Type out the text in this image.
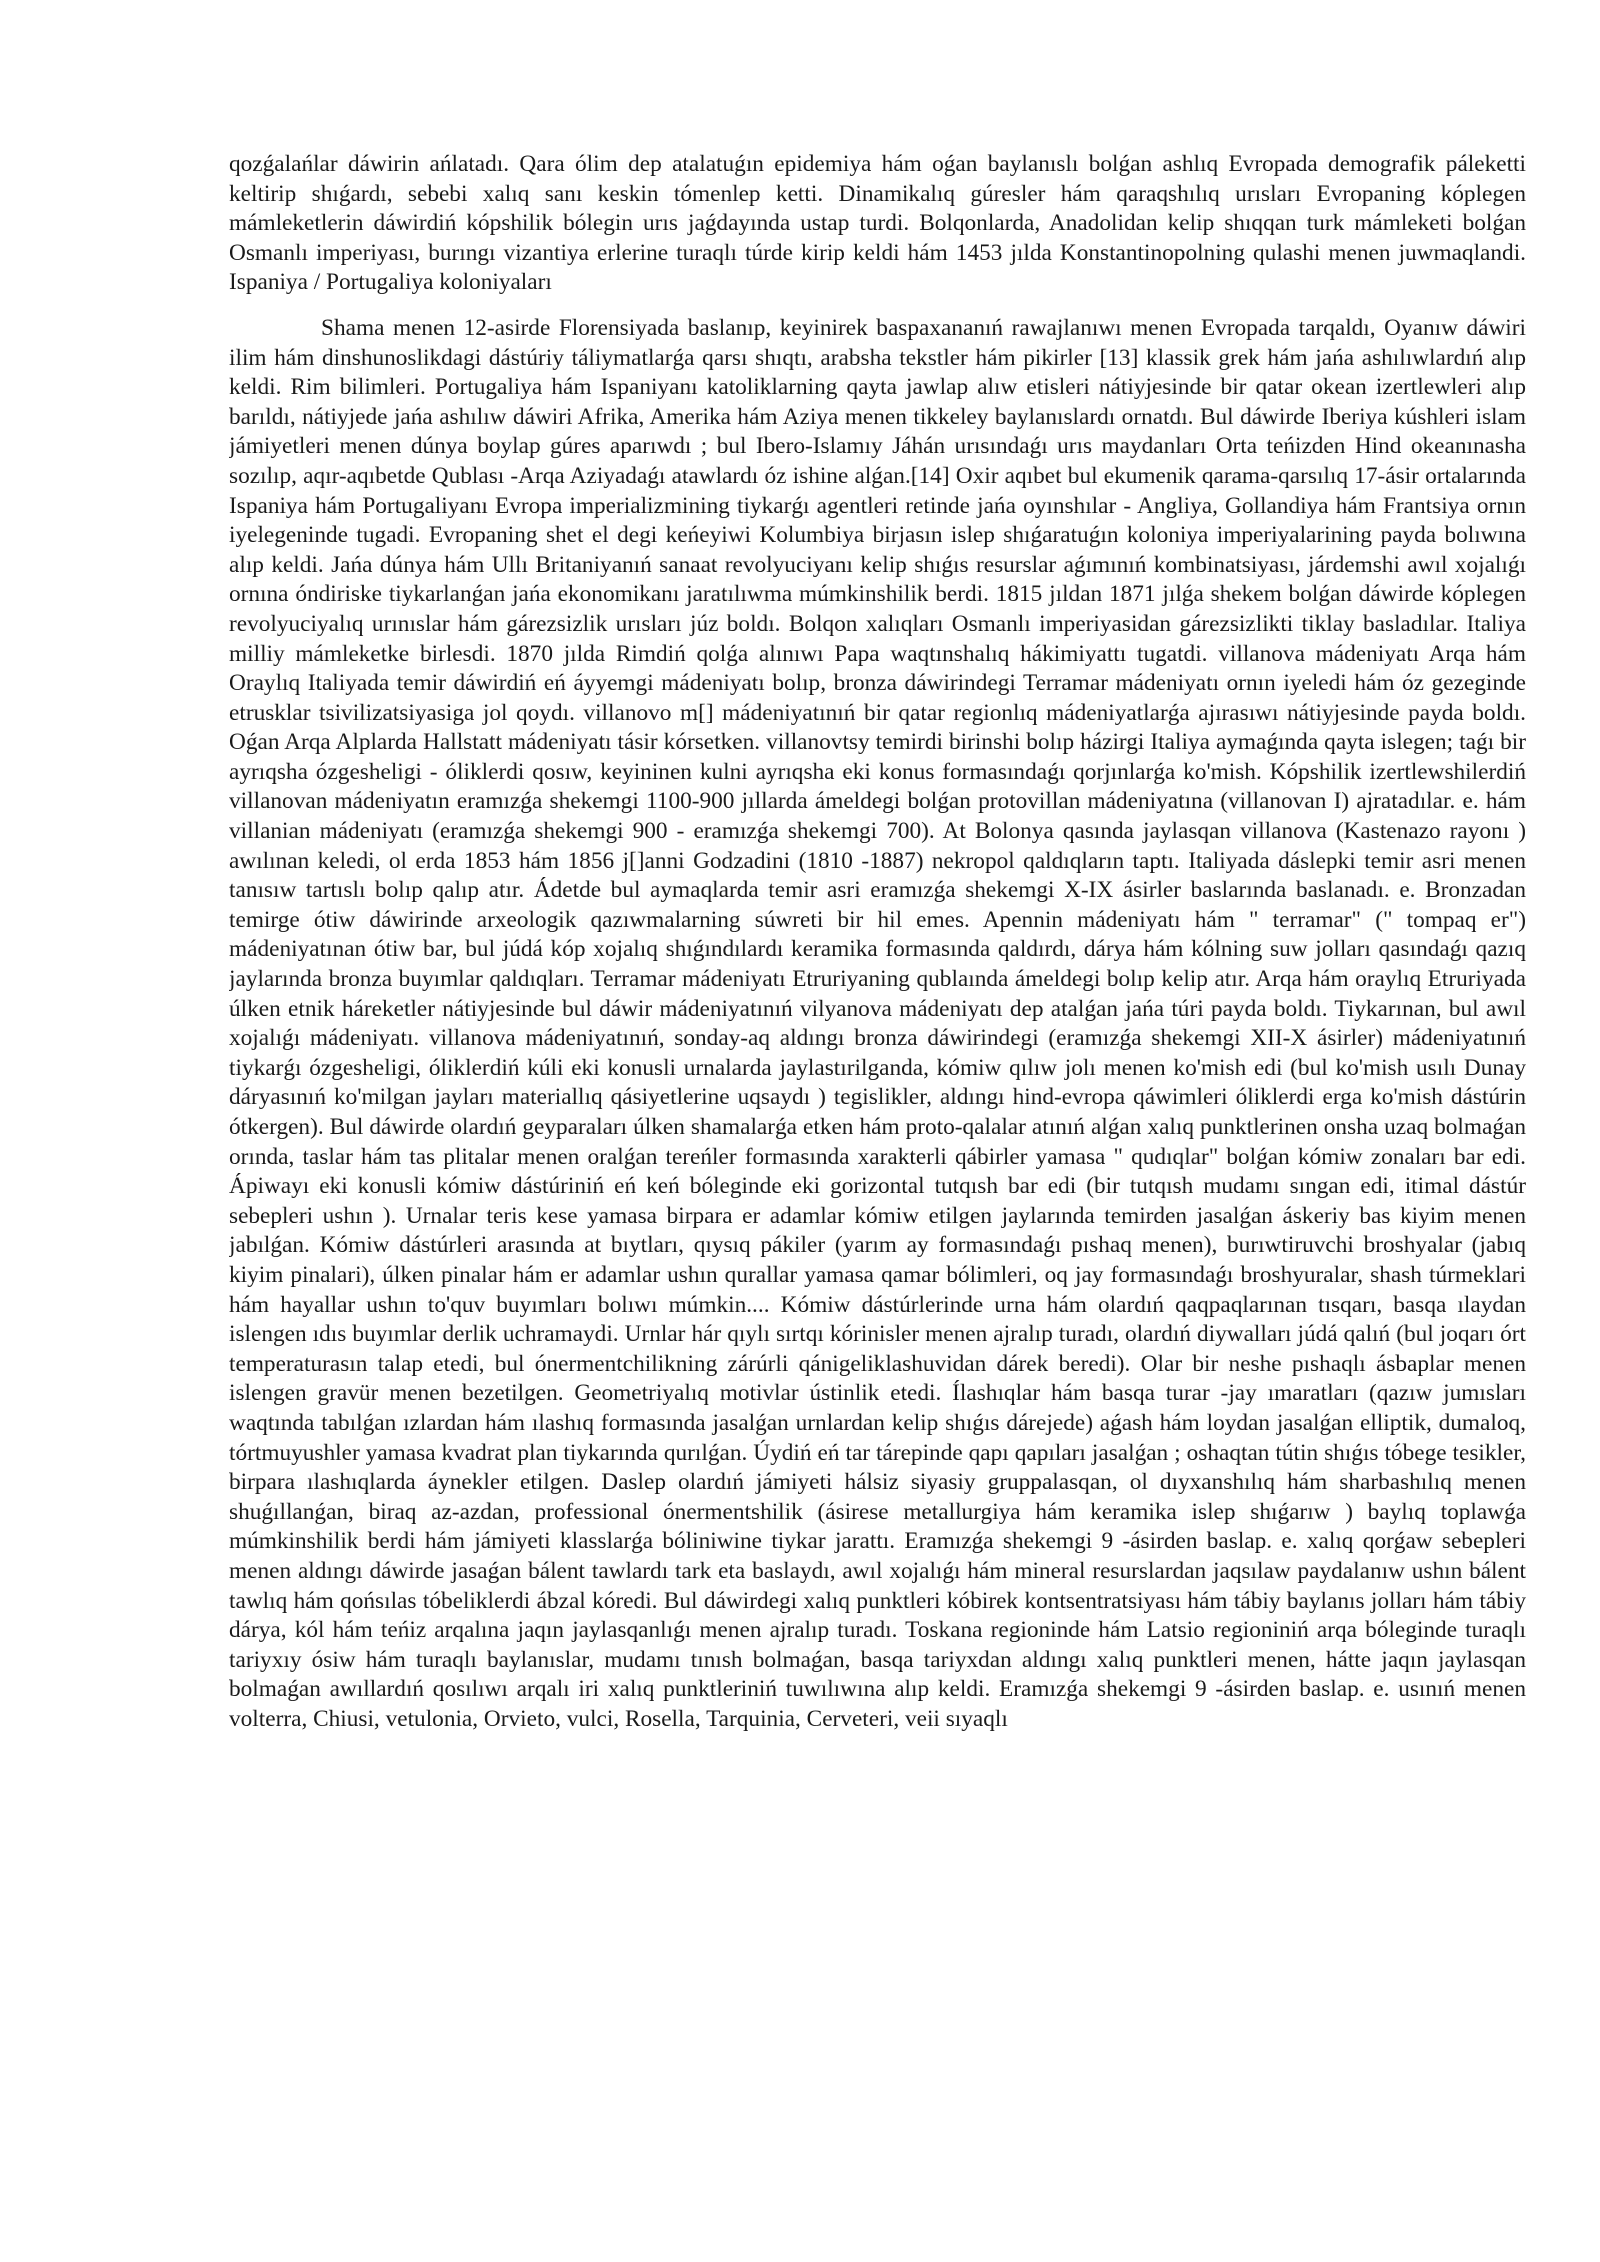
qozǵalańlar dáwirin ańlatadı. Qara ólim dep atalatuǵın epidemiya hám oǵan baylanıslı bolǵan ashlıq Evropada demografik páleketti keltirip shıǵardı, sebebi xalıq sanı keskin tómenlep ketti. Dinamikalıq gúresler hám qaraqshılıq urısları Evropaning kóplegen mámleketlerin dáwirdiń kópshilik bólegin urıs jaǵdayında ustap turdi. Bolqonlarda, Anadolidan kelip shıqqan turk mámleketi bolǵan Osmanlı imperiyası, burıngı vizantiya erlerine turaqlı túrde kirip keldi hám 1453 jılda Konstantinopolning qulashi menen juwmaqlandi. Ispaniya / Portugaliya koloniyaları

Shama menen 12-asirde Florensiyada baslanıp, keyinirek baspaxananıń rawajlanıwı menen Evropada tarqaldı, Oyanıw dáwiri ilim hám dinshunoslikdagi dástúriy táliymatlarǵa qarsı shıqtı, arabsha tekstler hám pikirler [13] klassik grek hám jańa ashılıwlardıń alıp keldi. Rim bilimleri. Portugaliya hám Ispaniyanı katoliklarning qayta jawlap alıw etisleri nátiyjesinde bir qatar okean izertlewleri alıp barıldı, nátiyjede jańa ashılıw dáwiri Afrika, Amerika hám Aziya menen tikkeley baylanıslardı ornatdı. Bul dáwirde Iberiya kúshleri islam jámiyetleri menen dúnya boylap gúres aparıwdı ; bul Ibero-Islamıy Jáhán urısındaǵı urıs maydanları Orta teńizden Hind okeanınasha sozılıp, aqır-aqıbetde Qublası -Arqa Aziyadaǵı atawlardı óz ishine alǵan.[14] Oxir aqıbet bul ekumenik qarama-qarsılıq 17-ásir ortalarında Ispaniya hám Portugaliyanı Evropa imperializmining tiykarǵı agentleri retinde jańa oyınshılar - Angliya, Gollandiya hám Frantsiya ornın iyelegeninde tugadi. Evropaning shet el degi keńeyiwi Kolumbiya birjasın islep shıǵaratuǵın koloniya imperiyalarining payda bolıwına alıp keldi. Jańa dúnya hám Ullı Britaniyanıń sanaat revolyuciyanı kelip shıǵıs resurslar aǵımınıń kombinatsiyası, járdemshi awıl xojalıǵı ornına óndiriske tiykarlanǵan jańa ekonomikanı jaratılıwma múmkinshilik berdi. 1815 jıldan 1871 jılǵa shekem bolǵan dáwirde kóplegen revolyuciyalıq urınıslar hám gárezsizlik urısları júz boldı. Bolqon xalıqları Osmanlı imperiyasidan gárezsizlikti tiklay basladılar. Italiya milliy mámleketke birlesdi. 1870 jılda Rimdiń qolǵa alınıwı Papa waqtınshalıq hákimiyattı tugatdi. villanova mádeniyatı Arqa hám Oraylıq Italiyada temir dáwirdiń eń áyyemgi mádeniyatı bolıp, bronza dáwirindegi Terramar mádeniyatı ornın iyeledi hám óz gezeginde etrusklar tsivilizatsiyasiga jol qoydı. villanovo m[] mádeniyatınıń bir qatar regionlıq mádeniyatlarǵa ajırasıwı nátiyjesinde payda boldı. Oǵan Arqa Alplarda Hallstatt mádeniyatı tásir kórsetken. villanovtsy temirdi birinshi bolıp házirgi Italiya aymaǵında qayta islegen; taǵı bir ayrıqsha ózgesheligi - óliklerdi qosıw, keyininen kulni ayrıqsha eki konus formasındaǵı qorjınlarǵa ko'mish. Kópshilik izertlewshilerdiń villanovan mádeniyatın eramızǵa shekemgi 1100-900 jıllarda ámeldegi bolǵan protovillan mádeniyatına (villanovan I) ajratadılar. e. hám villanian mádeniyatı (eramızǵa shekemgi 900 - eramızǵa shekemgi 700). At Bolonya qasında jaylasqan villanova (Kastenazo rayonı ) awılınan keledi, ol erda 1853 hám 1856 j[]anni Godzadini (1810 -1887) nekropol qaldıqların taptı. Italiyada dáslepki temir asri menen tanısıw tartıslı bolıp qalıp atır. Ádetde bul aymaqlarda temir asri eramızǵa shekemgi X-IX ásirler baslarında baslanadı. e. Bronzadan temirge ótiw dáwirinde arxeologik qazıwmalarning súwreti bir hil emes. Apennin mádeniyatı hám " terramar" (" tompaq er") mádeniyatınan ótiw bar, bul júdá kóp xojalıq shıǵındılardı keramika formasında qaldırdı, dárya hám kólning suw jolları qasındaǵı qazıq jaylarında bronza buyımlar qaldıqları. Terramar mádeniyatı Etruriyaning qublaında ámeldegi bolıp kelip atır. Arqa hám oraylıq Etruriyada úlken etnik háreketler nátiyjesinde bul dáwir mádeniyatınıń vilyanova mádeniyatı dep atalǵan jańa túri payda boldı. Tiykarınan, bul awıl xojalıǵı mádeniyatı. villanova mádeniyatınıń, sonday-aq aldıngı bronza dáwirindegi (eramızǵa shekemgi XII-X ásirler) mádeniyatınıń tiykarǵı ózgesheligi, óliklerdiń kúli eki konusli urnalarda jaylastırilganda, kómiw qılıw jolı menen ko'mish edi (bul ko'mish usılı Dunay dáryasınıń ko'milgan jayları materiallıq qásiyetlerine uqsaydı ) tegislikler, aldıngı hind-evropa qáwimleri óliklerdi erga ko'mish dástúrin ótkergen). Bul dáwirde olardıń geyparaları úlken shamalarǵa etken hám proto-qalalar atınıń alǵan xalıq punktlerinen onsha uzaq bolmaǵan orında, taslar hám tas plitalar menen oralǵan tereńler formasında xarakterli qábirler yamasa " qudıqlar" bolǵan kómiw zonaları bar edi. Ápiwayı eki konusli kómiw dástúriniń eń keń bóleginde eki gorizontal tutqısh bar edi (bir tutqısh mudamı sıngan edi, itimal dástúr sebepleri ushın ). Urnalar teris kese yamasa birpara er adamlar kómiw etilgen jaylarında temirden jasalǵan áskeriy bas kiyim menen jabılǵan. Kómiw dástúrleri arasında at bıytları, qıysıq pákiler (yarım ay formasındaǵı pıshaq menen), burıwtiruvchi broshyalar (jabıq kiyim pinalari), úlken pinalar hám er adamlar ushın qurallar yamasa qamar bólimleri, oq jay formasındaǵı broshyuralar, shash túrmeklari hám hayallar ushın to'quv buyımları bolıwı múmkin.... Kómiw dástúrlerinde urna hám olardıń qaqpaqlarınan tısqarı, basqa ılaydan islengen ıdıs buyımlar derlik uchramaydi. Urnlar hár qıylı sırtqı kórinisler menen ajralıp turadı, olardıń diywalları júdá qalıń (bul joqarı órt temperaturasın talap etedi, bul ónermentchilikning zárúrli qánigeliklashuvidan dárek beredi). Olar bir neshe pıshaqlı ásbaplar menen islengen gravür menen bezetilgen. Geometriyalıq motivlar ústinlik etedi. Ílashıqlar hám basqa turar -jay ımaratları (qazıw jumısları waqtında tabılǵan ızlardan hám ılashıq formasında jasalǵan urnlardan kelip shıǵıs dárejede) aǵash hám loydan jasalǵan elliptik, dumaloq, tórtmuyushler yamasa kvadrat plan tiykarında qurılǵan. Úydiń eń tar tárepinde qapı qapıları jasalǵan ; oshaqtan tútin shıǵıs tóbege tesikler, birpara ılashıqlarda áynekler etilgen. Daslep olardıń jámiyeti hálsiz siyasiy gruppalasqan, ol dıyxanshılıq hám sharbashılıq menen shuǵıllanǵan, biraq az-azdan, professional ónermentshilik (ásirese metallurgiya hám keramika islep shıǵarıw ) baylıq toplawǵa múmkinshilik berdi hám jámiyeti klasslarǵa bóliniwine tiykar jarattı. Eramızǵa shekemgi 9 -ásirden baslap. e. xalıq qorǵaw sebepleri menen aldıngı dáwirde jasaǵan bálent tawlardı tark eta baslaydı, awıl xojalıǵı hám mineral resurslardan jaqsılaw paydalanıw ushın bálent tawlıq hám qońsılas tóbeliklerdi ábzal kóredi. Bul dáwirdegi xalıq punktleri kóbirek kontsentratsiyası hám tábiy baylanıs jolları hám tábiy dárya, kól hám teńiz arqalına jaqın jaylasqanlıǵı menen ajralıp turadı. Toskana regioninde hám Latsio regioniniń arqa bóleginde turaqlı tariyxıy ósiw hám turaqlı baylanıslar, mudamı tınısh bolmaǵan, basqa tariyxdan aldıngı xalıq punktleri menen, hátte jaqın jaylasqan bolmaǵan awıllardıń qosılıwı arqalı iri xalıq punktleriniń tuwılıwına alıp keldi. Eramızǵa shekemgi 9 -ásirden baslap. e. usınıń menen volterra, Chiusi, vetulonia, Orvieto, vulci, Rosella, Tarquinia, Cerveteri, veii sıyaqlı
